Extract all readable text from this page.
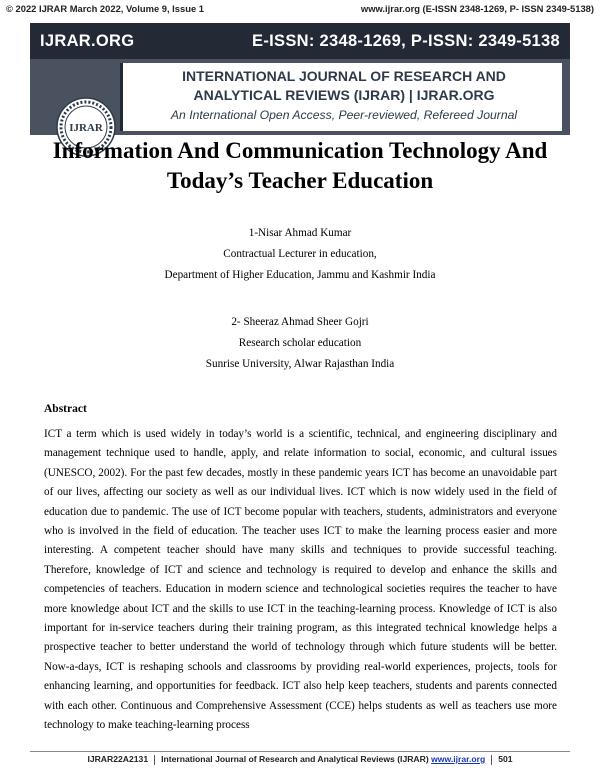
© 2022 IJRAR March 2022, Volume 9, Issue 1	www.ijrar.org (E-ISSN 2348-1269, P- ISSN 2349-5138)
IJRAR.ORG	E-ISSN: 2348-1269, P-ISSN: 2349-5138
IJRAR
INTERNATIONAL JOURNAL OF RESEARCH AND
ANALYTICAL REVIEWS (IJRAR) | IJRAR.ORG
An International Open Access, Peer-reviewed, Refereed Journal
Information And Communication Technology And
Today’s Teacher Education
1-Nisar Ahmad Kumar
Contractual Lecturer in education,
Department of Higher Education, Jammu and Kashmir India
2- Sheeraz Ahmad Sheer Gojri
Research scholar education
Sunrise University, Alwar Rajasthan India
Abstract
ICT a term which is used widely in today’s world is a scientific, technical, and engineering disciplinary and management technique used to handle, apply, and relate information to social, economic, and cultural issues (UNESCO, 2002). For the past few decades, mostly in these pandemic years ICT has become an unavoidable part of our lives, affecting our society as well as our individual lives. ICT which is now widely used in the field of education due to pandemic. The use of ICT become popular with teachers, students, administrators and everyone who is involved in the field of education. The teacher uses ICT to make the learning process easier and more interesting. A competent teacher should have many skills and techniques to provide successful teaching. Therefore, knowledge of ICT and science and technology is required to develop and enhance the skills and competencies of teachers. Education in modern science and technological societies requires the teacher to have more knowledge about ICT and the skills to use ICT in the teaching-learning process. Knowledge of ICT is also important for in-service teachers during their training program, as this integrated technical knowledge helps a prospective teacher to better understand the world of technology through which future students will be better. Now-a-days, ICT is reshaping schools and classrooms by providing real-world experiences, projects, tools for enhancing learning, and opportunities for feedback. ICT also help keep teachers, students and parents connected with each other. Continuous and Comprehensive Assessment (CCE) helps students as well as teachers use more technology to make teaching-learning process
IJRAR22A2131 International Journal of Research and Analytical Reviews (IJRAR) www.ijrar.org 501
